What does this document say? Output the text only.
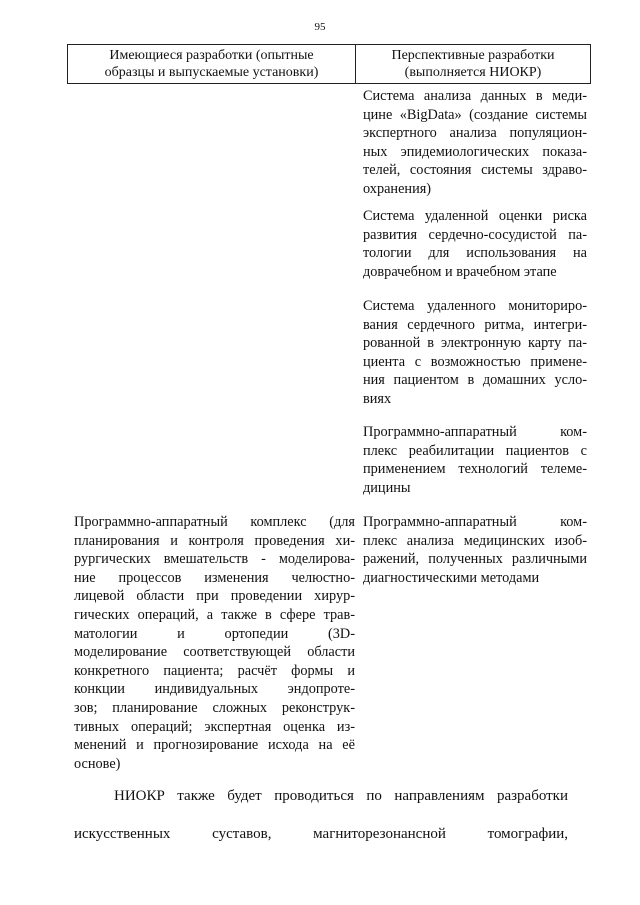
95
Имеющиеся разработки (опытные
образцы и выпускаемые установки)
Перспективные разработки
(выполняется НИОКР)
Система анализа данных в меди-
цине «BigData» (создание системы
экспертного анализа популяцион-
ных эпидемиологических показа-
телей, состояния системы здраво-
охранения)
Система удаленной оценки риска
развития сердечно-сосудистой па-
тологии для использования на
доврачебном и врачебном этапе
Система удаленного мониториро-
вания сердечного ритма, интегри-
рованной в электронную карту па-
циента с возможностью примене-
ния пациентом в домашних усло-
виях
Программно-аппаратный ком-
плекс реабилитации пациентов с
применением технологий телеме-
дицины
Программно-аппаратный ком-
плекс анализа медицинских изоб-
ражений, полученных различными
диагностическими методами
Программно-аппаратный комплекс (для
планирования и контроля проведения хи-
рургических вмешательств - моделирова-
ние процессов изменения челюстно-
лицевой области при проведении хирур-
гических операций, а также в сфере трав-
матологии и ортопедии (3D-
моделирование соответствующей области
конкретного пациента; расчёт формы и
конкции индивидуальных эндопроте-
зов; планирование сложных реконструк-
тивных операций; экспертная оценка из-
менений и прогнозирование исхода на её
основе)
НИОКР также будет проводиться по направлениям разработки
искусственных суставов, магниторезонансной томографии,
